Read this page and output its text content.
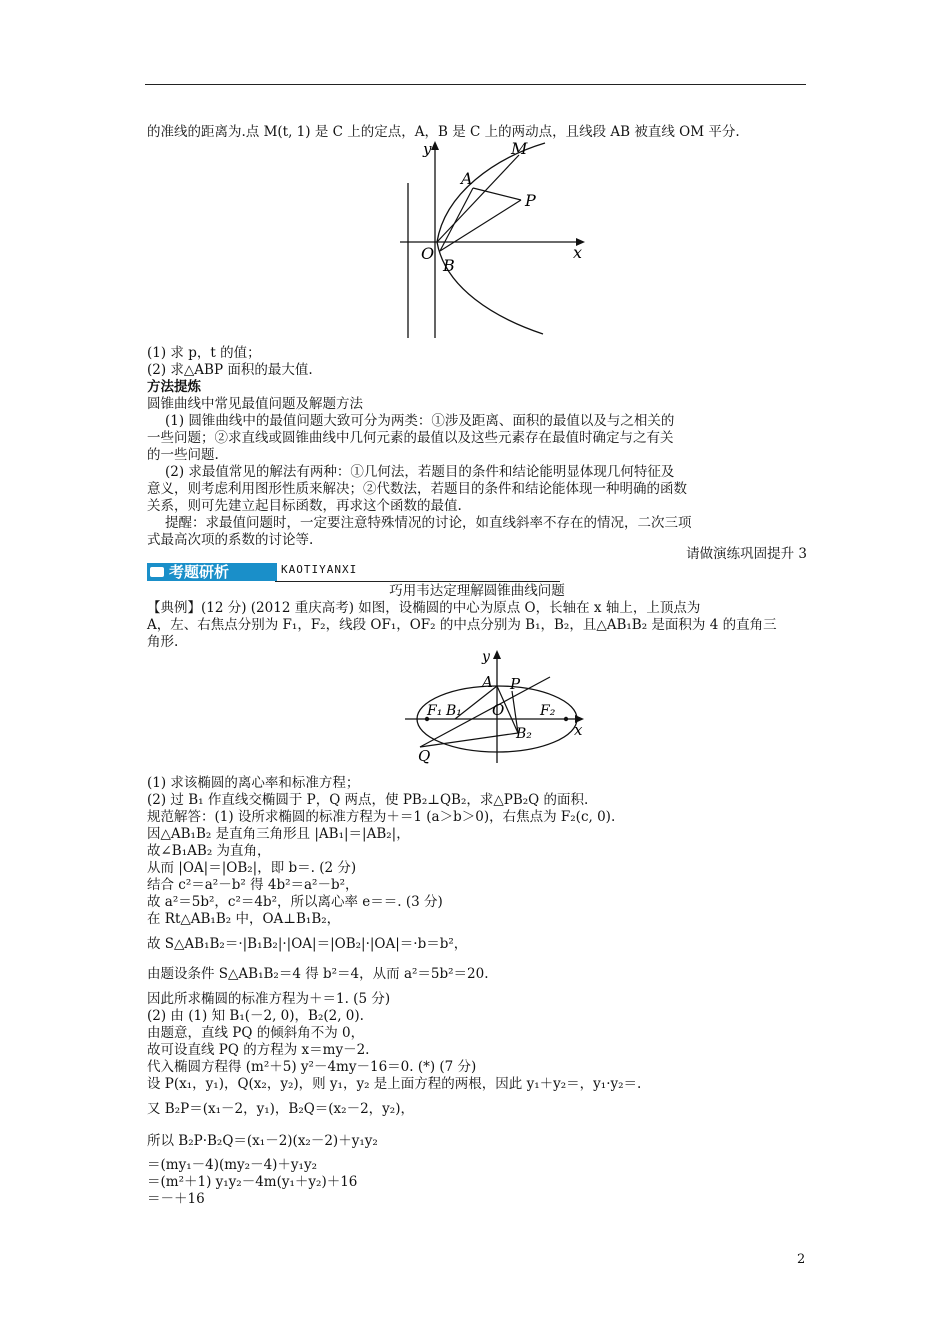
的准线的距离为.点 M(t, 1) 是 C 上的定点，A，B 是 C 上的两动点，且线段 AB 被直线 OM 平分.
y
x
O
A
B
M
P
(1) 求 p，t 的值；
(2) 求△ABP 面积的最大值.
方法提炼
圆锥曲线中常见最值问题及解题方法
(1) 圆锥曲线中的最值问题大致可分为两类：①涉及距离、面积的最值以及与之相关的
一些问题；②求直线或圆锥曲线中几何元素的最值以及这些元素存在最值时确定与之有关
的一些问题.
(2) 求最值常见的解法有两种：①几何法，若题目的条件和结论能明显体现几何特征及
意义，则考虑利用图形性质来解决；②代数法，若题目的条件和结论能体现一种明确的函数
关系，则可先建立起目标函数，再求这个函数的最值.
提醒：求最值问题时，一定要注意特殊情况的讨论，如直线斜率不存在的情况，二次三项
式最高次项的系数的讨论等.
请做演练巩固提升 3
考题研析	KAOTIYANXI
巧用韦达定理解圆锥曲线问题
【典例】(12 分) (2012 重庆高考) 如图，设椭圆的中心为原点 O，长轴在 x 轴上，上顶点为
A，左、右焦点分别为 F₁，F₂，线段 OF₁，OF₂ 的中点分别为 B₁，B₂，且△AB₁B₂ 是面积为 4 的直角三
角形.
y
x
A P
F₁ B₁ O	F₂
B₂
Q
(1) 求该椭圆的离心率和标准方程；
(2) 过 B₁ 作直线交椭圆于 P，Q 两点，使 PB₂⊥QB₂，求△PB₂Q 的面积.
规范解答：(1) 设所求椭圆的标准方程为＋＝1 (a＞b＞0)，右焦点为 F₂(c, 0).
因△AB₁B₂ 是直角三角形且 |AB₁|＝|AB₂|，
故∠B₁AB₂ 为直角，
从而 |OA|＝|OB₂|，即 b＝. (2 分)
结合 c²＝a²－b² 得 4b²＝a²－b²，
故 a²＝5b²，c²＝4b²，所以离心率 e＝＝. (3 分)
在 Rt△AB₁B₂ 中，OA⊥B₁B₂，
故 S△AB₁B₂＝·|B₁B₂|·|OA|＝|OB₂|·|OA|＝·b＝b²，
由题设条件 S△AB₁B₂＝4 得 b²＝4，从而 a²＝5b²＝20.
因此所求椭圆的标准方程为＋＝1. (5 分)
(2) 由 (1) 知 B₁(－2, 0)，B₂(2, 0).
由题意，直线 PQ 的倾斜角不为 0，
故可设直线 PQ 的方程为 x＝my－2.
代入椭圆方程得 (m²＋5) y²－4my－16＝0. (*) (7 分)
设 P(x₁，y₁)，Q(x₂，y₂)，则 y₁，y₂ 是上面方程的两根，因此 y₁＋y₂＝，y₁·y₂＝.
又 B₂P＝(x₁－2，y₁)，B₂Q＝(x₂－2，y₂)，
所以 B₂P·B₂Q＝(x₁－2)(x₂－2)＋y₁y₂
＝(my₁－4)(my₂－4)＋y₁y₂
＝(m²＋1) y₁y₂－4m(y₁＋y₂)＋16
＝－＋16
2
